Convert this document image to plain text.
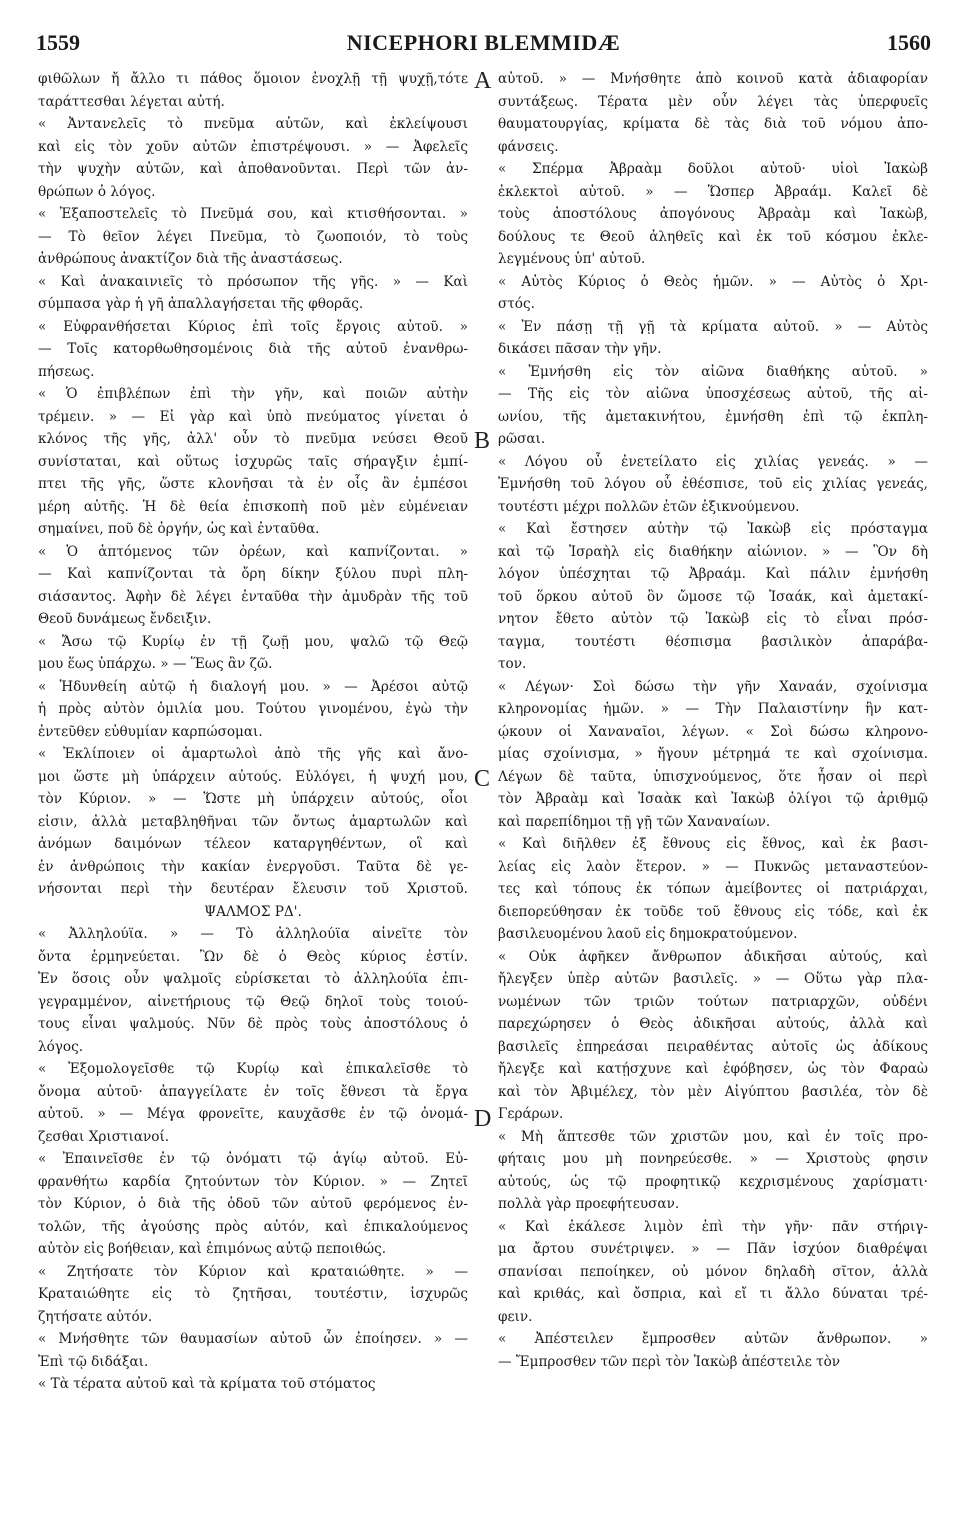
1559	NICEPHORI BLEMMIDÆ	1560
φιθῶλων ἤ ἄλλο τι πάθος ὅμοιον ἐνοχλῇ τῇ ψυχῇ,τότε
ταράττεσθαι λέγεται αὐτή.
« Ἀντανελεῖς τὸ πνεῦμα αὐτῶν, καὶ ἐκλείψουσι
καὶ εἰς τὸν χοῦν αὐτῶν ἐπιστρέψουσι. » — Ἀφελεῖς
τὴν ψυχὴν αὐτῶν, καὶ ἀποθανοῦνται. Περὶ τῶν ἀν-
θρώπων ὁ λόγος.
« Ἐξαποστελεῖς τὸ Πνεῦμά σου, καὶ κτισθήσονται. »
— Τὸ θεῖον λέγει Πνεῦμα, τὸ ζωοποιόν, τὸ τοὺς
ἀνθρώπους ἀνακτίζον διὰ τῆς ἀναστάσεως.
« Καὶ ἀνακαινιεῖς τὸ πρόσωπον τῆς γῆς. » — Καὶ
σύμπασα γὰρ ἡ γῆ ἀπαλλαγήσεται τῆς φθορᾶς.
« Εὐφρανθήσεται Κύριος ἐπὶ τοῖς ἔργοις αὐτοῦ. »
— Τοῖς κατορθωθησομένοις διὰ τῆς αὐτοῦ ἐνανθρω-
πήσεως.
« Ὁ ἐπιβλέπων ἐπὶ τὴν γῆν, καὶ ποιῶν αὐτὴν
τρέμειν. » — Εἰ γὰρ καὶ ὑπὸ πνεύματος γίνεται ὁ
κλόνος τῆς γῆς, ἀλλ' οὖν τὸ πνεῦμα νεύσει Θεοῦ
συνίσταται, καὶ οὕτως ἰσχυρῶς ταῖς σήραγξιν ἐμπί-
πτει τῆς γῆς, ὥστε κλονῆσαι τὰ ἐν οἷς ἂν ἐμπέσοι
μέρη αὐτῆς. Ἡ δὲ θεία ἐπισκοπὴ ποῦ μὲν εὐμένειαν
σημαίνει, ποῦ δὲ ὀργήν, ὡς καὶ ἐνταῦθα.
« Ὁ ἁπτόμενος τῶν ὀρέων, καὶ καπνίζονται. »
— Καὶ καπνίζονται τὰ ὄρη δίκην ξύλου πυρὶ πλη-
σιάσαντος. Ἀφὴν δὲ λέγει ἐνταῦθα τὴν ἀμυδρὰν τῆς τοῦ
Θεοῦ δυνάμεως ἔνδειξιν.
« Ἄσω τῷ Κυρίῳ ἐν τῇ ζωῇ μου, ψαλῶ τῷ Θεῷ
μου ἕως ὑπάρχω. » — Ἕως ἂν ζῶ.
« Ἡδυνθείη αὐτῷ ἡ διαλογή μου. » — Ἀρέσοι αὐτῷ
ἡ πρὸς αὐτὸν ὁμιλία μου. Τούτου γινομένου, ἐγὼ τὴν
ἐντεῦθεν εὐθυμίαν καρπώσομαι.
« Ἐκλίποιεν οἱ ἁμαρτωλοὶ ἀπὸ τῆς γῆς καὶ ἄνο-
μοι ὥστε μὴ ὑπάρχειν αὐτούς. Εὐλόγει, ἡ ψυχή μου,
τὸν Κύριον. » — Ὥστε μὴ ὑπάρχειν αὐτούς, οἷοι
εἰσιν, ἀλλὰ μεταβληθῆναι τῶν ὄντως ἁμαρτωλῶν καὶ
ἀνόμων δαιμόνων τέλεον καταργηθέντων, οἳ καὶ
ἐν ἀνθρώποις τὴν κακίαν ἐνεργοῦσι. Ταῦτα δὲ γε-
νήσονται περὶ τὴν δευτέραν ἔλευσιν τοῦ Χριστοῦ.
ΨΑΛΜΟΣ ΡΔ'.
« Ἀλληλούϊα. » — Τὸ ἀλληλούϊα αἰνεῖτε τὸν
ὄντα ἑρμηνεύεται. Ὢν δὲ ὁ Θεὸς κύριος ἐστίν.
Ἐν ὅσοις οὖν ψαλμοῖς εὑρίσκεται τὸ ἀλληλούϊα ἐπι-
γεγραμμένον, αἰνετήριους τῷ Θεῷ δηλοῖ τοὺς τοιού-
τους εἶναι ψαλμούς. Νῦν δὲ πρὸς τοὺς ἀποστόλους ὁ
λόγος.
« Ἐξομολογεῖσθε τῷ Κυρίῳ καὶ ἐπικαλεῖσθε τὸ
ὄνομα αὐτοῦ· ἀπαγγείλατε ἐν τοῖς ἔθνεσι τὰ ἔργα
αὐτοῦ. » — Μέγα φρονεῖτε, καυχᾶσθε ἐν τῷ ὀνομά-
ζεσθαι Χριστιανοί.
« Ἐπαινεῖσθε ἐν τῷ ὀνόματι τῷ ἁγίῳ αὐτοῦ. Εὐ-
φρανθήτω καρδία ζητούντων τὸν Κύριον. » — Ζητεῖ
τὸν Κύριον, ὁ διὰ τῆς ὁδοῦ τῶν αὐτοῦ φερόμενος ἐν-
τολῶν, τῆς ἀγούσης πρὸς αὐτόν, καὶ ἐπικαλούμενος
αὐτὸν εἰς βοήθειαν, καὶ ἐπιμόνως αὐτῷ πεποιθώς.
« Ζητήσατε τὸν Κύριον καὶ κραταιώθητε. » —
Κραταιώθητε εἰς τὸ ζητῆσαι, τουτέστιν, ἰσχυρῶς
ζητήσατε αὐτόν.
« Μνήσθητε τῶν θαυμασίων αὐτοῦ ὧν ἐποίησεν. » —
Ἐπὶ τῷ διδάξαι.
« Τὰ τέρατα αὐτοῦ καὶ τὰ κρίματα τοῦ στόματος
αὐτοῦ. » — Μνήσθητε ἀπὸ κοινοῦ κατὰ ἀδιαφορίαν
συντάξεως. Τέρατα μὲν οὖν λέγει τὰς ὑπερφυεῖς
θαυματουργίας, κρίματα δὲ τὰς διὰ τοῦ νόμου ἀπο-
φάνσεις.
« Σπέρμα Ἀβραὰμ δοῦλοι αὐτοῦ· υἱοὶ Ἰακὼβ
ἐκλεκτοὶ αὐτοῦ. » — Ὥσπερ Ἀβραάμ. Καλεῖ δὲ
τοὺς ἀποστόλους ἀπογόνους Ἀβραὰμ καὶ Ἰακὼβ,
δούλους τε Θεοῦ ἀληθεῖς καὶ ἐκ τοῦ κόσμου ἐκλε-
λεγμένους ὑπ' αὐτοῦ.
« Αὐτὸς Κύριος ὁ Θεὸς ἡμῶν. » — Αὐτὸς ὁ Χρι-
στός.
« Ἐν πάσῃ τῇ γῇ τὰ κρίματα αὐτοῦ. » — Αὐτὸς
δικάσει πᾶσαν τὴν γῆν.
« Ἐμνήσθη εἰς τὸν αἰῶνα διαθήκης αὐτοῦ. »
— Τῆς εἰς τὸν αἰῶνα ὑποσχέσεως αὐτοῦ, τῆς αἰ-
ωνίου, τῆς ἀμετακινήτου, ἐμνήσθη ἐπὶ τῷ ἐκπλη-
ρῶσαι.
« Λόγου οὗ ἐνετείλατο εἰς χιλίας γενεάς. » —
Ἐμνήσθη τοῦ λόγου οὗ ἐθέσπισε, τοῦ εἰς χιλίας γενεάς,
τουτέστι μέχρι πολλῶν ἐτῶν ἐξικνούμενου.
« Καὶ ἔστησεν αὐτὴν τῷ Ἰακὼβ εἰς πρόσταγμα
καὶ τῷ Ἰσραὴλ εἰς διαθήκην αἰώνιον. » — Ὃν δὴ
λόγον ὑπέσχηται τῷ Ἀβραάμ. Καὶ πάλιν ἐμνήσθη
τοῦ ὅρκου αὐτοῦ ὃν ὤμοσε τῷ Ἰσαάκ, καὶ ἀμετακί-
νητον ἔθετο αὐτὸν τῷ Ἰακὼβ εἰς τὸ εἶναι πρόσ-
ταγμα, τουτέστι θέσπισμα βασιλικὸν ἀπαράβα-
τον.
« Λέγων· Σοὶ δώσω τὴν γῆν Χαναάν, σχοίνισμα
κληρονομίας ἡμῶν. » — Τὴν Παλαιστίνην ἣν κατ-
ῴκουν οἱ Χαναναῖοι, λέγων. « Σοὶ δώσω κληρονο-
μίας σχοίνισμα, » ἤγουν μέτρημά τε καὶ σχοίνισμα.
Λέγων δὲ ταῦτα, ὑπισχνούμενος, ὅτε ἦσαν οἱ περὶ
τὸν Ἀβραὰμ καὶ Ἰσαὰκ καὶ Ἰακὼβ ὀλίγοι τῷ ἀριθμῷ
καὶ παρεπίδημοι τῇ γῇ τῶν Χαναναίων.
« Καὶ διῆλθεν ἐξ ἔθνους εἰς ἔθνος, καὶ ἐκ βασι-
λείας εἰς λαὸν ἕτερον. » — Πυκνῶς μεταναστεύον-
τες καὶ τόπους ἐκ τόπων ἀμείβοντες οἱ πατριάρχαι,
διεπορεύθησαν ἐκ τοῦδε τοῦ ἔθνους εἰς τόδε, καὶ ἐκ
βασιλευομένου λαοῦ εἰς δημοκρατούμενον.
« Οὐκ ἀφῆκεν ἄνθρωπον ἀδικῆσαι αὐτούς, καὶ
ἤλεγξεν ὑπὲρ αὐτῶν βασιλεῖς. » — Οὕτω γὰρ πλα-
νωμένων τῶν τριῶν τούτων πατριαρχῶν, οὐδένι
παρεχώρησεν ὁ Θεὸς ἀδικῆσαι αὐτούς, ἀλλὰ καὶ
βασιλεῖς ἐπηρεάσαι πειραθέντας αὐτοῖς ὡς ἀδίκους
ἤλεγξε καὶ κατῄσχυνε καὶ ἐφόβησεν, ὡς τὸν Φαραὼ
καὶ τὸν Ἀβιμέλεχ, τὸν μὲν Αἰγύπτου βασιλέα, τὸν δὲ
Γεράρων.
« Μὴ ἅπτεσθε τῶν χριστῶν μου, καὶ ἐν τοῖς προ-
φήταις μου μὴ πονηρεύεσθε. » — Χριστοὺς φησιν
αὐτούς, ὡς τῷ προφητικῷ κεχρισμένους χαρίσματι·
πολλὰ γὰρ προεφήτευσαν.
« Καὶ ἐκάλεσε λιμὸν ἐπὶ τὴν γῆν· πᾶν στήριγ-
μα ἄρτου συνέτριψεν. » — Πᾶν ἰσχύον διαθρέψαι
σπανίσαι πεποίηκεν, οὐ μόνον δηλαδὴ σῖτον, ἀλλὰ
καὶ κριθάς, καὶ ὄσπρια, καὶ εἴ τι ἄλλο δύναται τρέ-
φειν.
« Ἀπέστειλεν ἔμπροσθεν αὐτῶν ἄνθρωπον. »
— Ἔμπροσθεν τῶν περὶ τὸν Ἰακὼβ ἀπέστειλε τὸν
A
B
C
D
